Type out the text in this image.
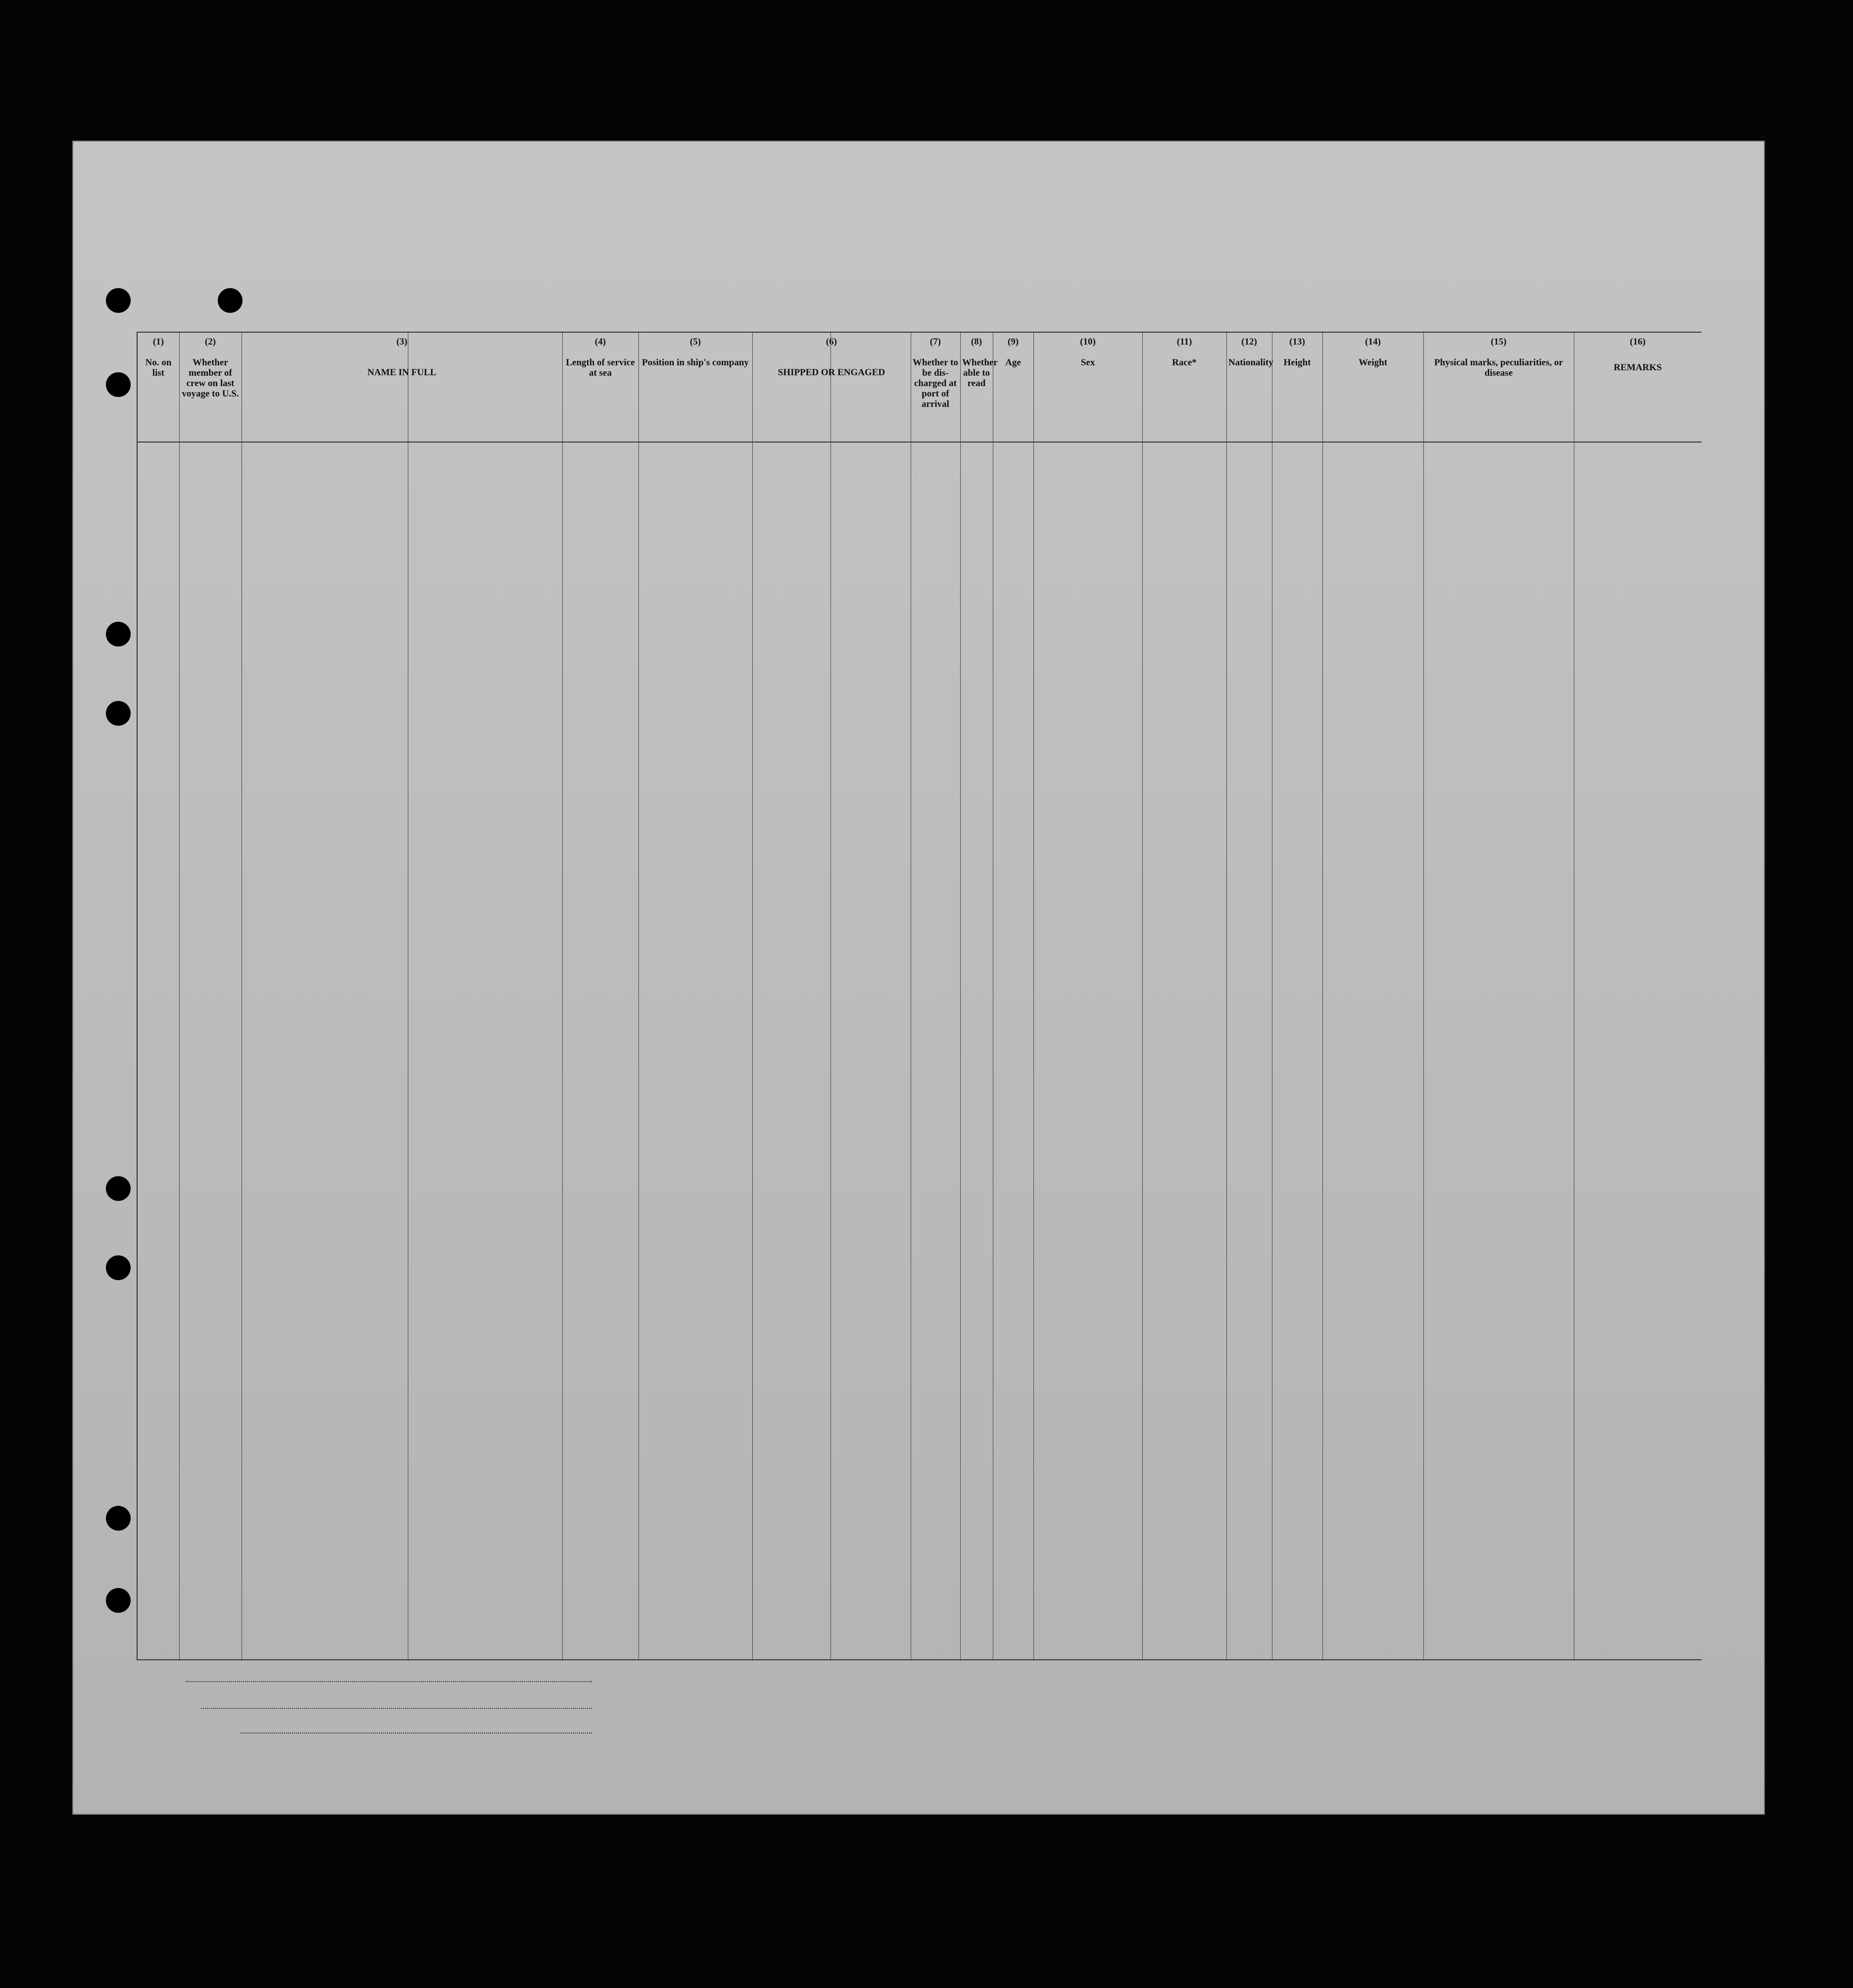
(1)
No. on list
(2)
Whether member of crew on last voyage to U.S.
(3)
NAME IN FULL
(4)
Length of service at sea
(5)
Position in ship's company
(6)
SHIPPED OR ENGAGED
(7)
Whether to be dis-charged at port of arrival
(8)
Whether able to read
(9)
Age
(10)
Sex
(11)
Race*
(12)
Nationality
(13)
Height
(14)
Weight
(15)
Physical marks, peculiarities, or disease
(16)
REMARKS
